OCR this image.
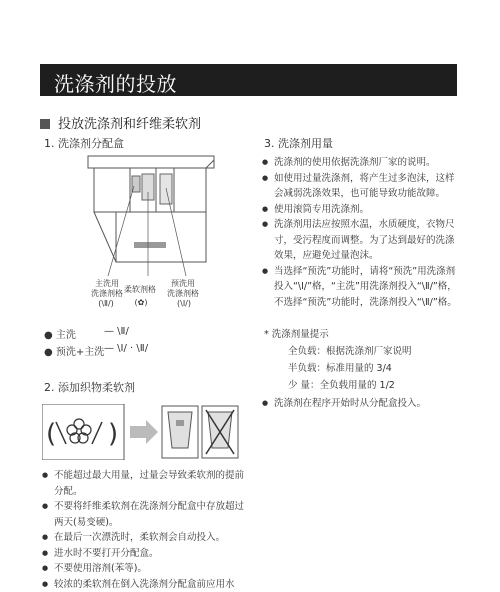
洗涤剂的投放
投放洗涤剂和纤维柔软剂
1. 洗涤剂分配盒
主洗用
洗涤剂格
(\Ⅱ/)
柔软剂格
(✿)
预洗用
洗涤剂格
(\Ⅰ/)
● 主洗	— \Ⅱ/
● 预洗+主洗 — \Ⅰ/ · \Ⅱ/
2. 添加织物柔软剂
( )
● 不能超过最大用量，过量会导致柔软剂的提前分配。
● 不要将纤维柔软剂在洗涤剂分配盒中存放超过两天(易变硬)。
● 在最后一次漂洗时，柔软剂会自动投入。
● 进水时不要打开分配盒。
● 不要使用溶剂(苯等)。
● 较浓的柔软剂在倒入洗涤剂分配盒前应用水
3. 洗涤剂用量
● 洗涤剂的使用依据洗涤剂厂家的说明。
● 如使用过量洗涤剂，将产生过多泡沫，这样会减弱洗涤效果，也可能导致功能故障。
● 使用滚筒专用洗涤剂。
● 洗涤剂用法应按照水温，水质硬度，衣物尺寸，受污程度而调整。为了达到最好的洗涤效果，应避免过量泡沫。
● 当选择“预洗”功能时，请将“预洗”用洗涤剂投入“\Ⅰ/”格，“主洗”用洗涤剂投入“\Ⅱ/”格，不选择“预洗”功能时，洗涤剂投入“\Ⅱ/”格。
* 洗涤剂量提示
全负载：根据洗涤剂厂家说明
半负载：标准用量的 3/4
少 量：全负载用量的 1/2
● 洗涤剂在程序开始时从分配盒投入。
